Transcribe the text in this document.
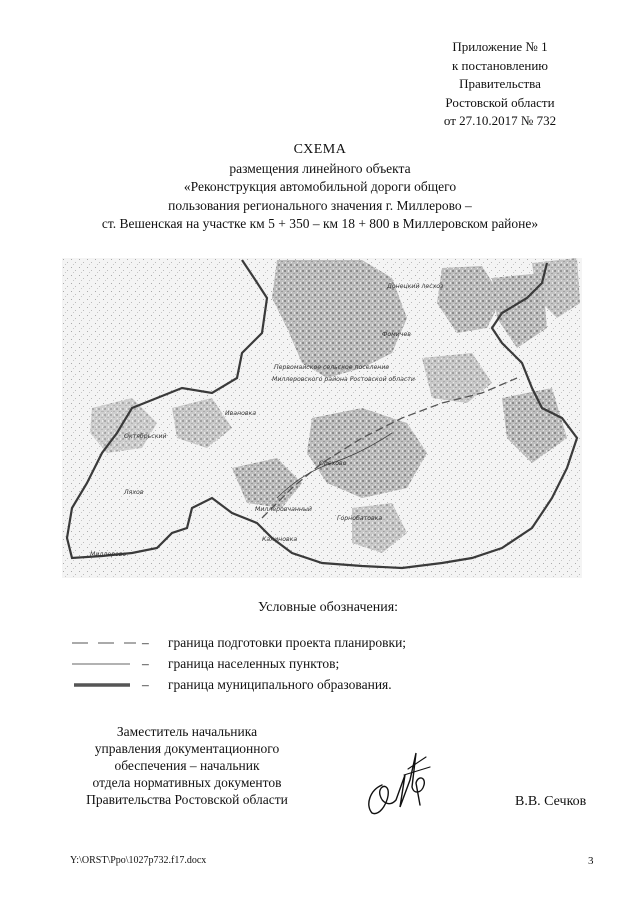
Приложение № 1
к постановлению
Правительства
Ростовской области
от 27.10.2017 № 732
СХЕМА
размещения линейного объекта
«Реконструкция автомобильной дороги общего
пользования регионального значения г. Миллерово –
ст. Вешенская на участке км 5 + 350 – км 18 + 800 в Миллеровском районе»
Донецкий лесхоз
Фомичев
Первомайское сельское поселение
Миллеровского района Ростовской области
Ивановка
Октябрьский
Орехово
Ляхов
Миллеровчанный
Горнобатовка
Калиновка
Миллерово
Условные обозначения:
– граница подготовки проекта планировки;
– граница населенных пунктов;
– граница муниципального образования.
Заместитель начальника
управления документационного
обеспечения – начальник
отдела нормативных документов
Правительства Ростовской области	В.В. Сечков
Y:\ORST\Ppo\1027p732.f17.docx	3
